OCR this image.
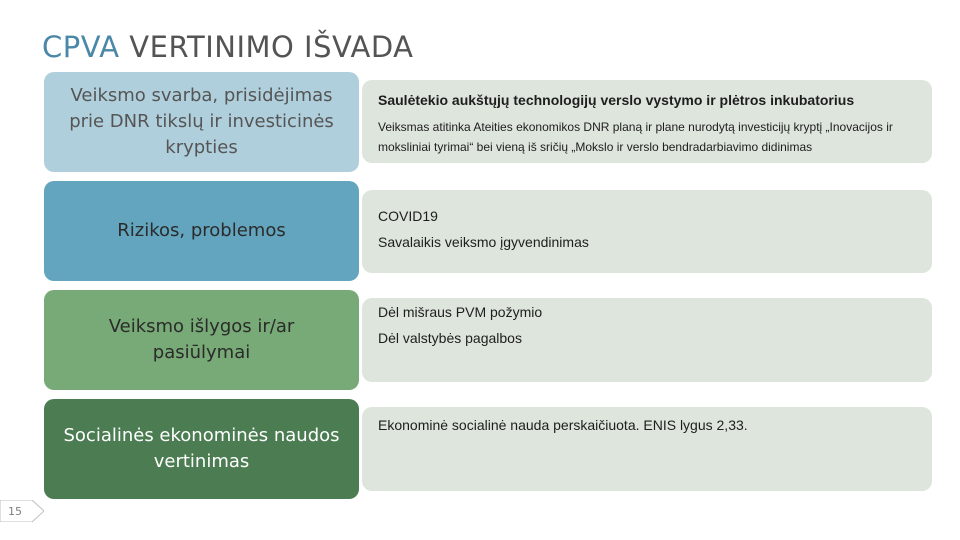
CPVA VERTINIMO IŠVADA
Saulėtekio aukštųjų technologijų verslo vystymo ir plėtros inkubatorius
Veiksmas atitinka Ateities ekonomikos DNR planą ir plane nurodytą investicijų kryptį „Inovacijos ir moksliniai tyrimai“ bei vieną iš sričių „Mokslo ir verslo bendradarbiavimo didinimas
Veiksmo svarba, prisidėjimas prie DNR tikslų ir investicinės krypties
COVID19
Savalaikis veiksmo įgyvendinimas
Rizikos, problemos
Dėl mišraus PVM požymio
Dėl valstybės pagalbos
Veiksmo išlygos ir/ar pasiūlymai
Ekonominė socialinė nauda perskaičiuota. ENIS lygus 2,33.
Socialinės ekonominės naudos vertinimas
15
